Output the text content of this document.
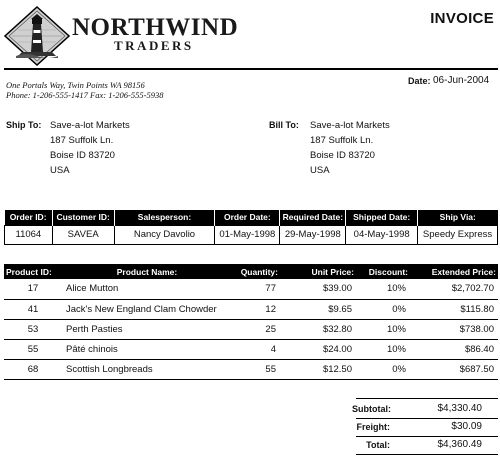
NORTHWIND
TRADERS
INVOICE
One Portals Way, Twin Points WA 98156
Phone: 1-206-555-1417 Fax: 1-206-555-5938
Date: 06-Jun-2004
Ship To: Save-a-lot Markets
187 Suffolk Ln.
Boise ID 83720
USA
Bill To: Save-a-lot Markets
187 Suffolk Ln.
Boise ID 83720
USA
Order ID:	Customer ID:	Salesperson:	Order Date:	Required Date:	Shipped Date:	Ship Via:
11064	SAVEA	Nancy Davolio	01-May-1998	29-May-1998	04-May-1998	Speedy Express
Product ID:	Product Name:	Quantity:	Unit Price:	Discount:	Extended Price:
17	Alice Mutton	77	$39.00	10%	$2,702.70
41	Jack's New England Clam Chowder	12	$9.65	0%	$115.80
53	Perth Pasties	25	$32.80	10%	$738.00
55	Pâté chinois	4	$24.00	10%	$86.40
68	Scottish Longbreads	55	$12.50	0%	$687.50
Subtotal:	$4,330.40
Freight:	$30.09
Total:	$4,360.49
